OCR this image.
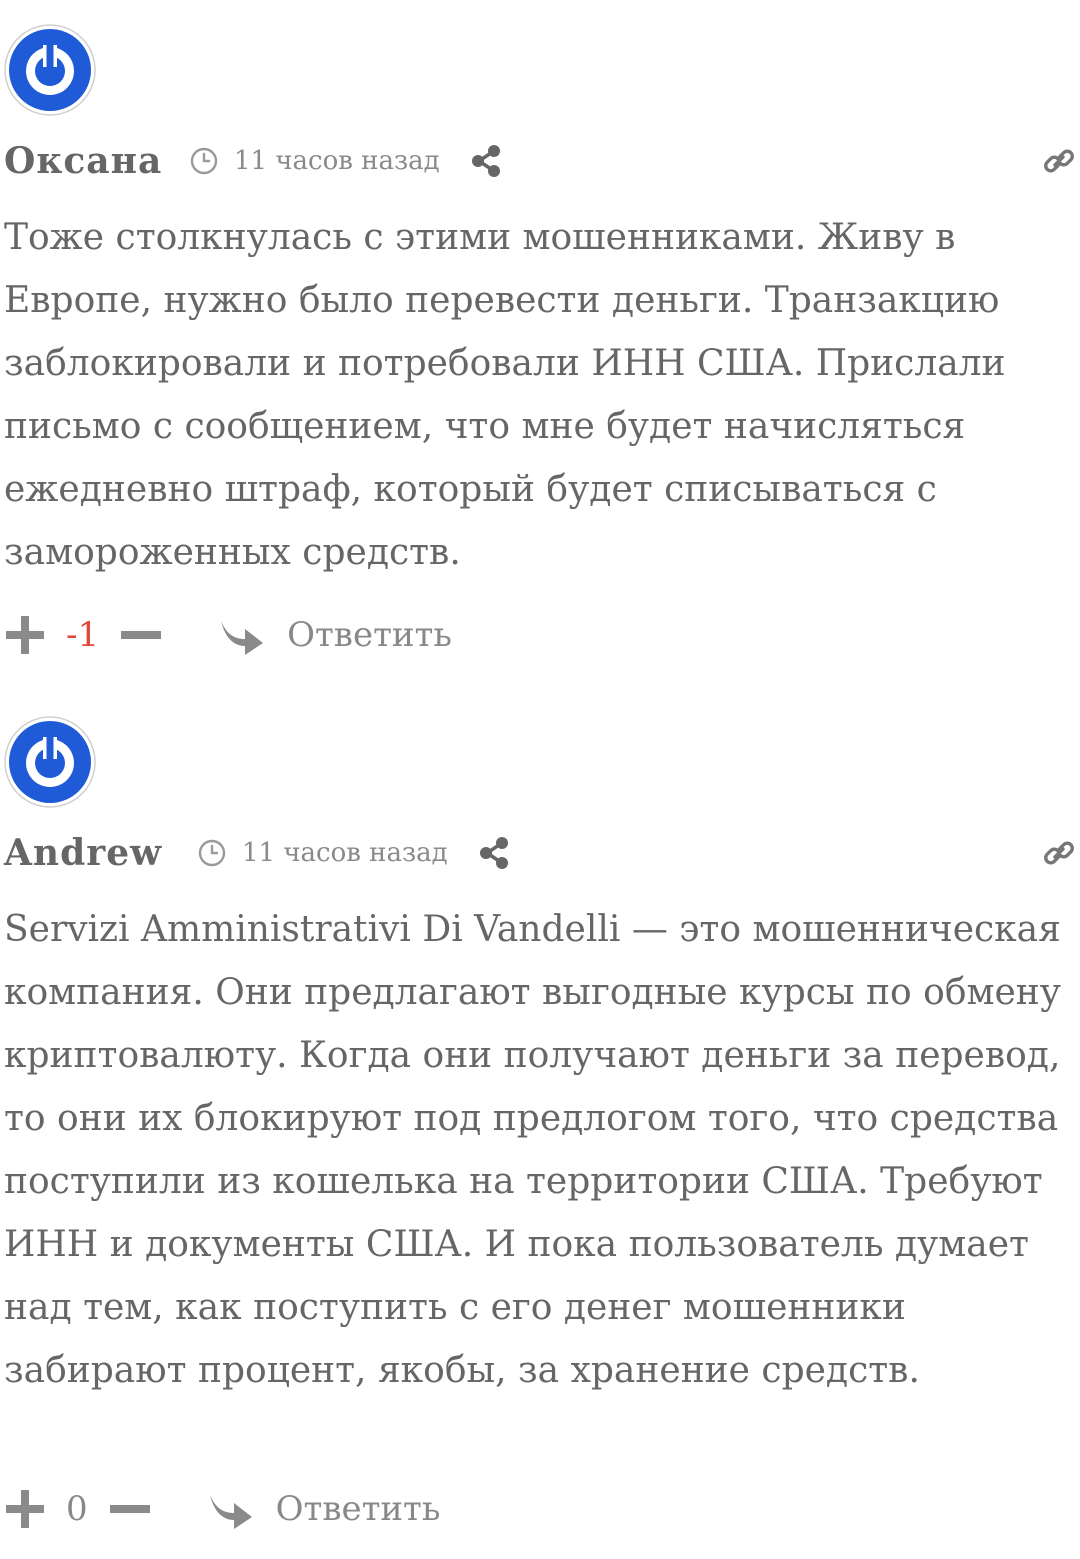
Оксана	11 часов назад

Тоже столкнулась с этими мошенниками. Живу в Европе, нужно было перевести деньги. Транзакцию заблокировали и потребовали ИНН США. Прислали письмо с сообщением, что мне будет начисляться ежедневно штраф, который будет списываться с замороженных средств.

-1	Ответить
Andrew	11 часов назад

Servizi Amministrativi Di Vandelli — это мошенническая компания. Они предлагают выгодные курсы по обмену криптовалюту. Когда они получают деньги за перевод, то они их блокируют под предлогом того, что средства поступили из кошелька на территории США. Требуют ИНН и документы США. И пока пользователь думает над тем, как поступить с его денег мошенники забирают процент, якобы, за хранение средств.

0	Ответить
